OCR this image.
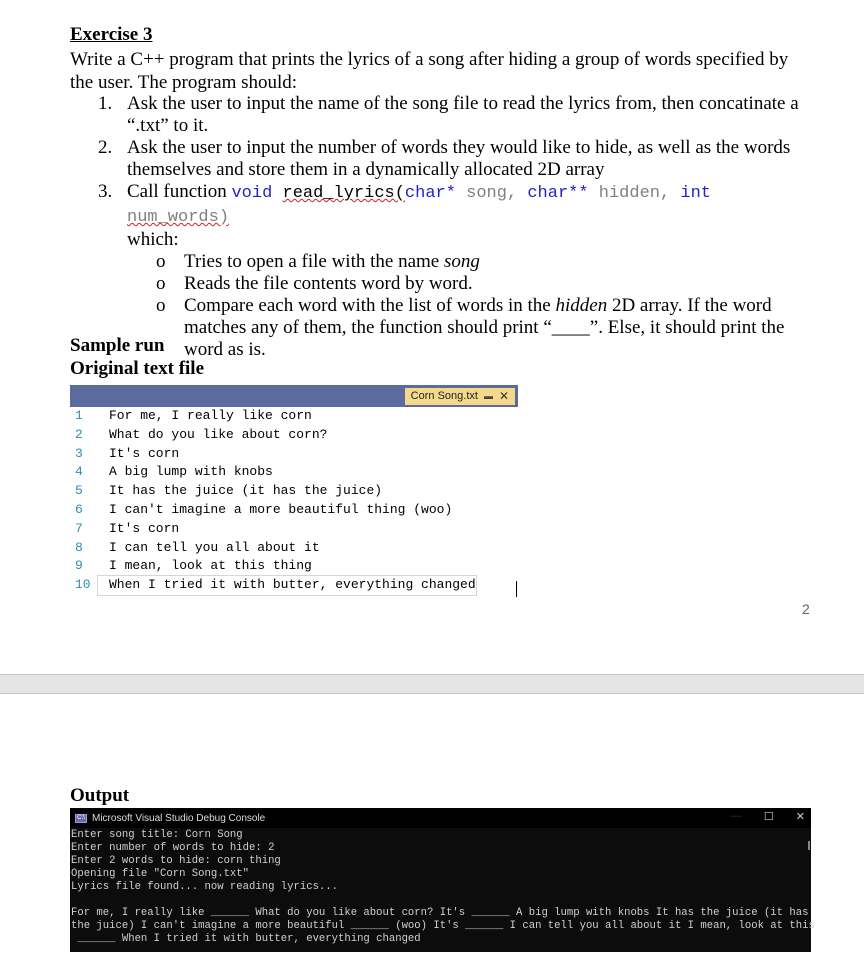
Exercise 3
Write a C++ program that prints the lyrics of a song after hiding a group of words specified by the user. The program should:
1. Ask the user to input the name of the song file to read the lyrics from, then concatinate a “.txt” to it.
2. Ask the user to input the number of words they would like to hide, as well as the words themselves and store them in a dynamically allocated 2D array
3. Call function void read_lyrics(char* song, char** hidden, int num_words)
which:
o Tries to open a file with the name song
o Reads the file contents word by word.
o Compare each word with the list of words in the hidden 2D array. If the word matches any of them, the function should print “____”. Else, it should print the word as is.
Sample run
Original text file
Corn Song.txt ▬ ✕
1	For me, I really like corn
2	What do you like about corn?
3	It's corn
4	A big lump with knobs
5	It has the juice (it has the juice)
6	I can't imagine a more beautiful thing (woo)
7	It's corn
8	I can tell you all about it
9	I mean, look at this thing
10	When I tried it with butter, everything changed
2
Output
C:\ Microsoft Visual Studio Debug Console	— ☐ ✕
Enter song title: Corn Song
Enter number of words to hide: 2
Enter 2 words to hide: corn thing
Opening file "Corn Song.txt"
Lyrics file found... now reading lyrics...
For me, I really like ______ What do you like about corn? It's ______ A big lump with knobs It has the juice (it has
the juice) I can't imagine a more beautiful ______ (woo) It's ______ I can tell you all about it I mean, look at this
______ When I tried it with butter, everything changed
